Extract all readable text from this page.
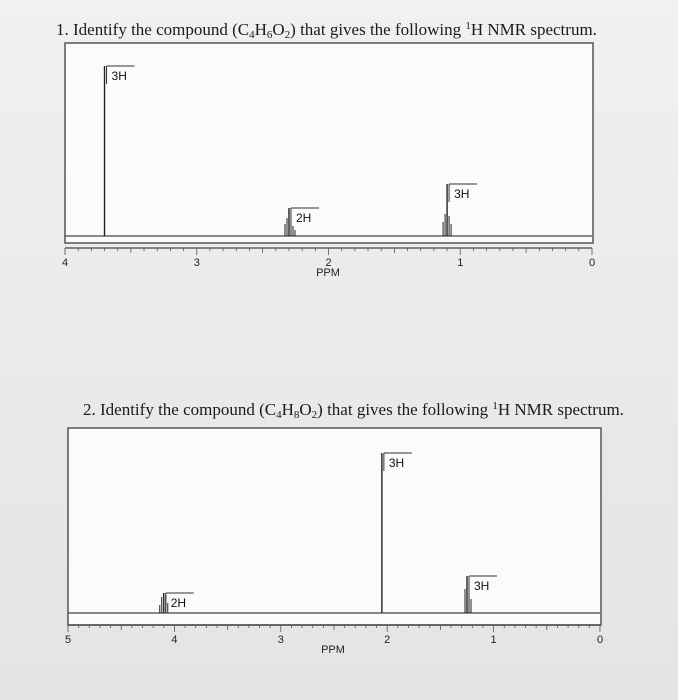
1. Identify the compound $(C_4H_6O_2)$ that gives the following $^1$H NMR spectrum.
4	3	2	1	0
PPM
3H
2H
3H
2. Identify the compound $(C_4H_8O_2)$ that gives the following $^1$H NMR spectrum.
5	4	3	2	1	0
PPM
2H
3H
3H
